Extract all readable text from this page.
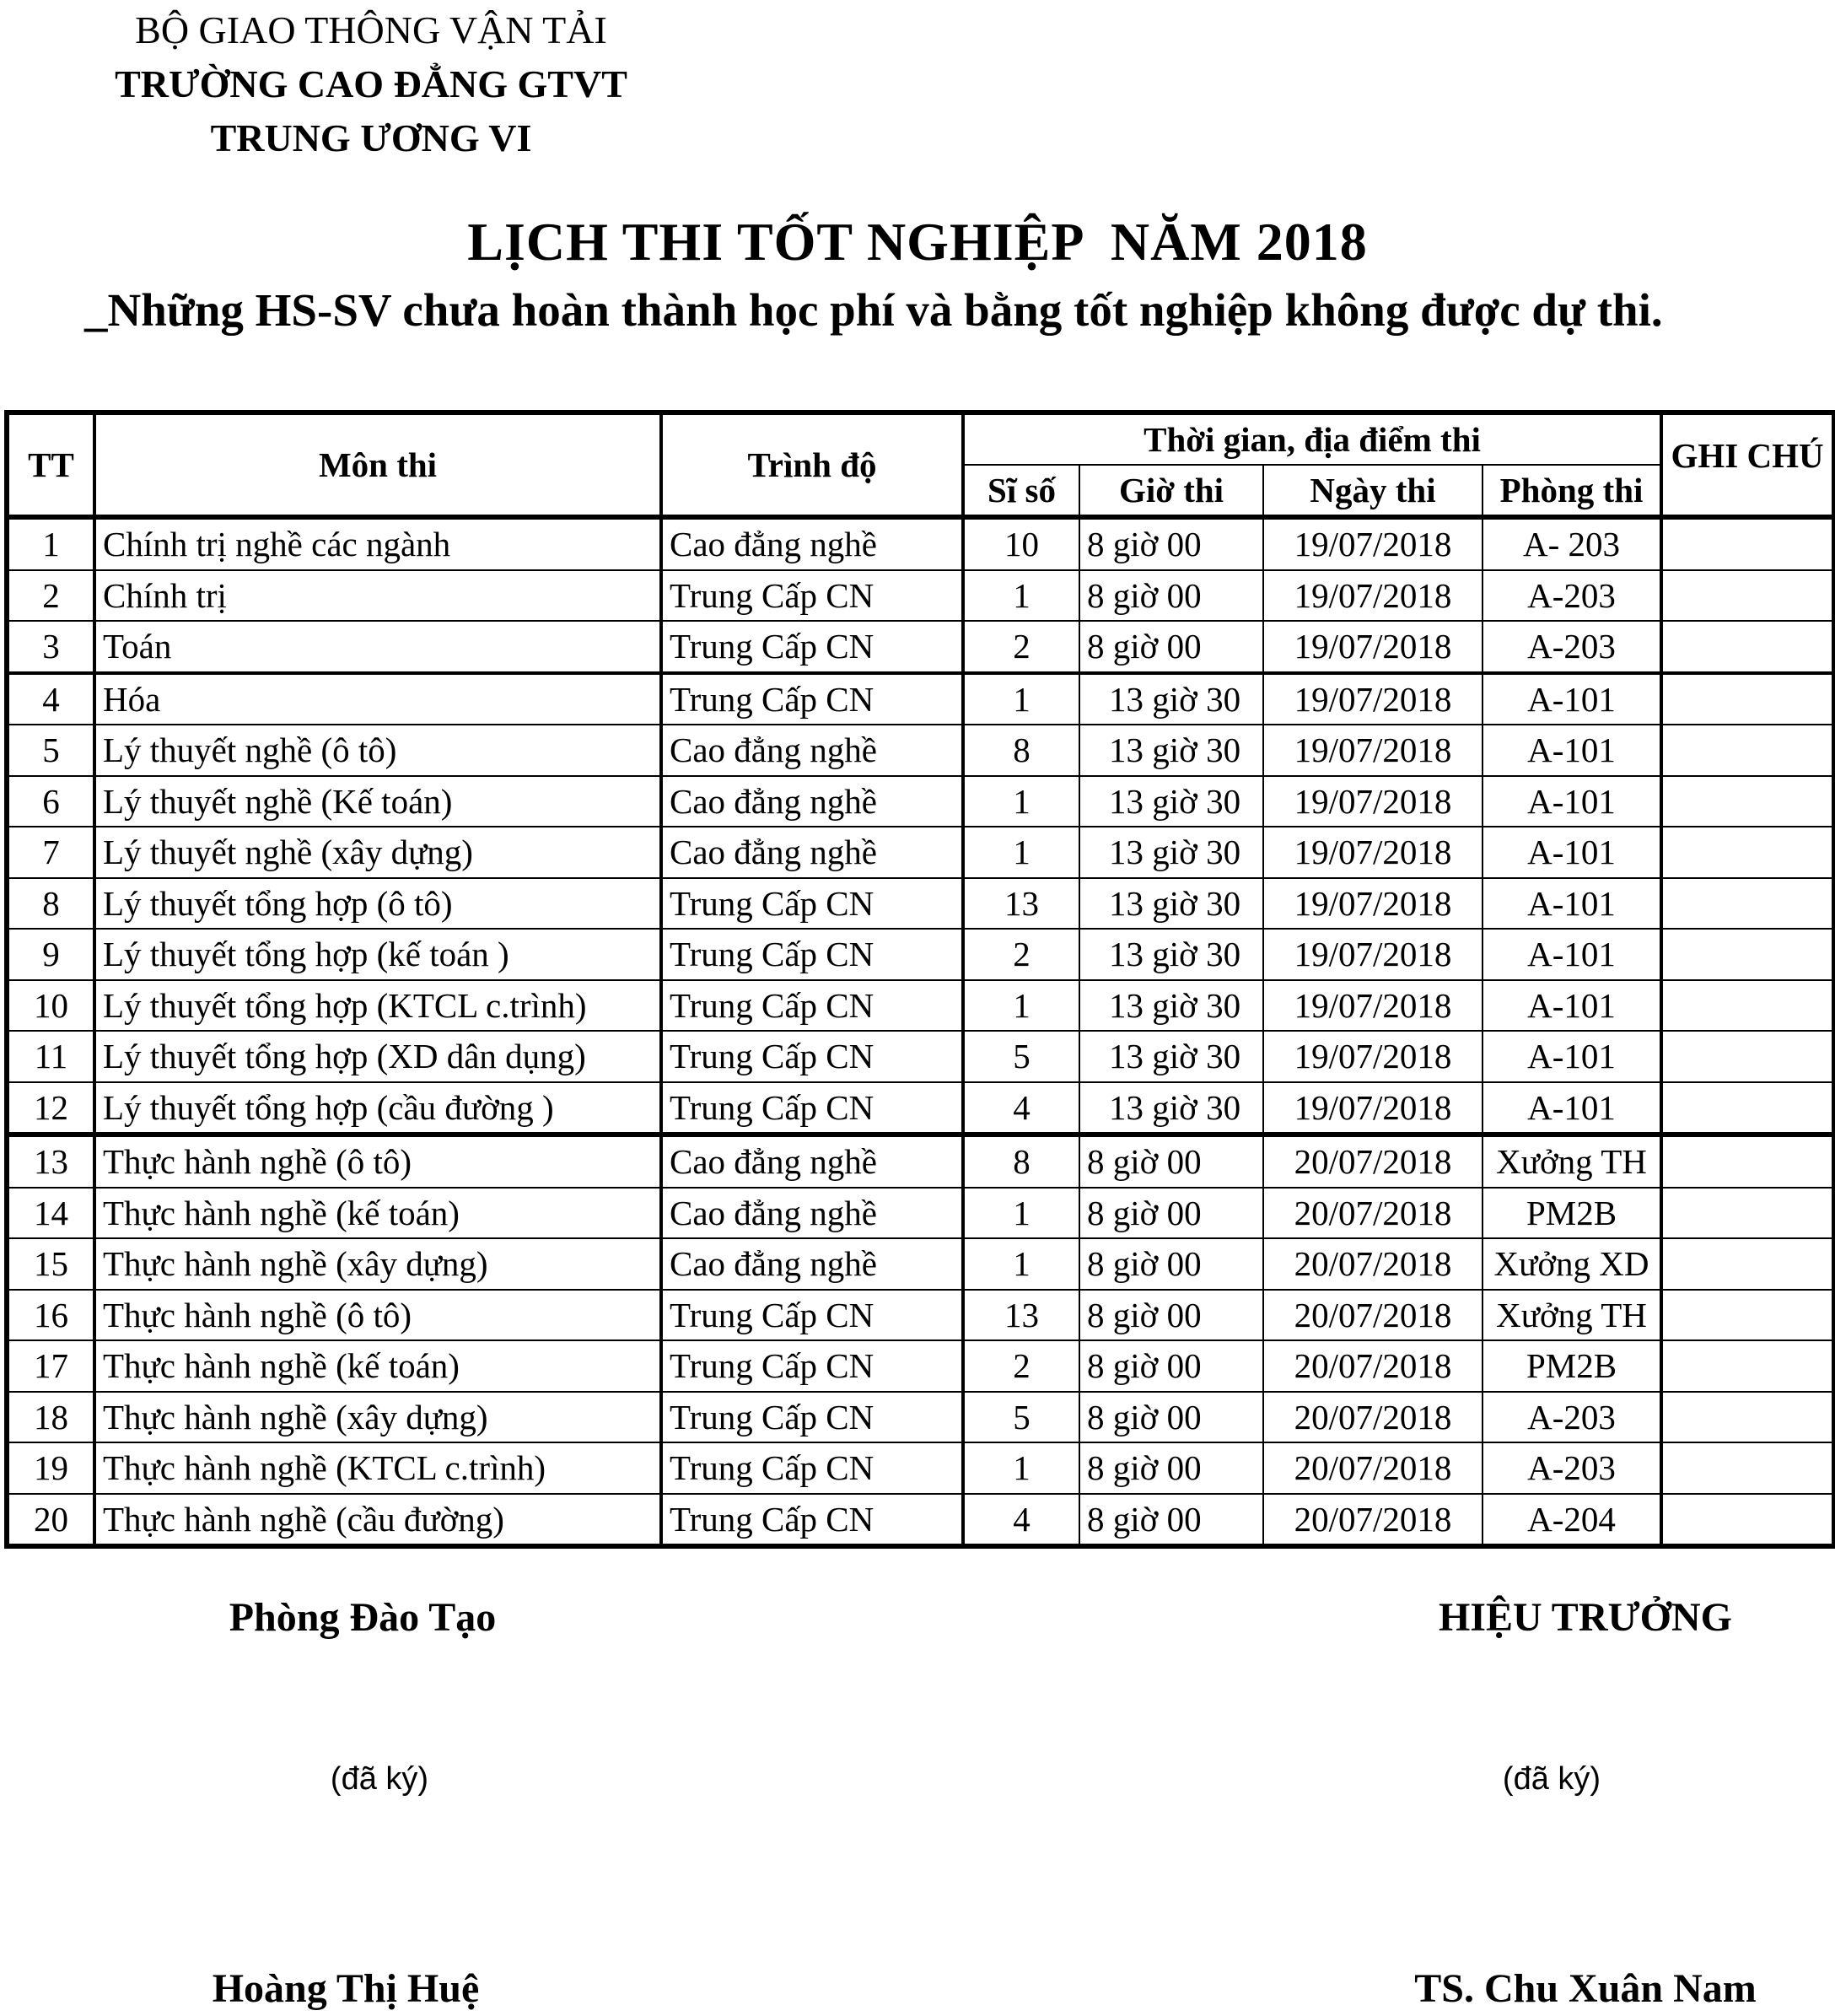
BỘ GIAO THÔNG VẬN TẢI
TRƯỜNG CAO ĐẲNG GTVT
TRUNG ƯƠNG VI
LỊCH THI TỐT NGHIỆP  NĂM 2018
_Những HS-SV chưa hoàn thành học phí và bằng tốt nghiệp không được dự thi.
TT	Môn thi	Trình độ	Thời gian, địa điểm thi				GHI CHÚ
			Sĩ số	Giờ thi	Ngày thi	Phòng thi	
1	Chính trị nghề các ngành	Cao đẳng nghề	10	8 giờ 00	19/07/2018	A- 203	
2	Chính trị	Trung Cấp CN	1	8 giờ 00	19/07/2018	A-203	
3	Toán	Trung Cấp CN	2	8 giờ 00	19/07/2018	A-203	
4	Hóa	Trung Cấp CN	1	13 giờ 30	19/07/2018	A-101	
5	Lý thuyết nghề (ô tô)	Cao đẳng nghề	8	13 giờ 30	19/07/2018	A-101	
6	Lý thuyết nghề (Kế toán)	Cao đẳng nghề	1	13 giờ 30	19/07/2018	A-101	
7	Lý thuyết nghề (xây dựng)	Cao đẳng nghề	1	13 giờ 30	19/07/2018	A-101	
8	Lý thuyết tổng hợp (ô tô)	Trung Cấp CN	13	13 giờ 30	19/07/2018	A-101	
9	Lý thuyết tổng hợp (kế toán )	Trung Cấp CN	2	13 giờ 30	19/07/2018	A-101	
10	Lý thuyết tổng hợp (KTCL c.trình)	Trung Cấp CN	1	13 giờ 30	19/07/2018	A-101	
11	Lý thuyết tổng hợp (XD dân dụng)	Trung Cấp CN	5	13 giờ 30	19/07/2018	A-101	
12	Lý thuyết tổng hợp (cầu đường )	Trung Cấp CN	4	13 giờ 30	19/07/2018	A-101	
13	Thực hành nghề (ô tô)	Cao đẳng nghề	8	8 giờ 00	20/07/2018	Xưởng TH	
14	Thực hành nghề (kế toán)	Cao đẳng nghề	1	8 giờ 00	20/07/2018	PM2B	
15	Thực hành nghề (xây dựng)	Cao đẳng nghề	1	8 giờ 00	20/07/2018	Xưởng XD	
16	Thực hành nghề (ô tô)	Trung Cấp CN	13	8 giờ 00	20/07/2018	Xưởng TH	
17	Thực hành nghề (kế toán)	Trung Cấp CN	2	8 giờ 00	20/07/2018	PM2B	
18	Thực hành nghề (xây dựng)	Trung Cấp CN	5	8 giờ 00	20/07/2018	A-203	
19	Thực hành nghề (KTCL c.trình)	Trung Cấp CN	1	8 giờ 00	20/07/2018	A-203	
20	Thực hành nghề (cầu đường)	Trung Cấp CN	4	8 giờ 00	20/07/2018	A-204	
Phòng Đào Tạo
(đã ký)
Hoàng Thị Huệ
HIỆU TRƯỞNG
(đã ký)
TS. Chu Xuân Nam
